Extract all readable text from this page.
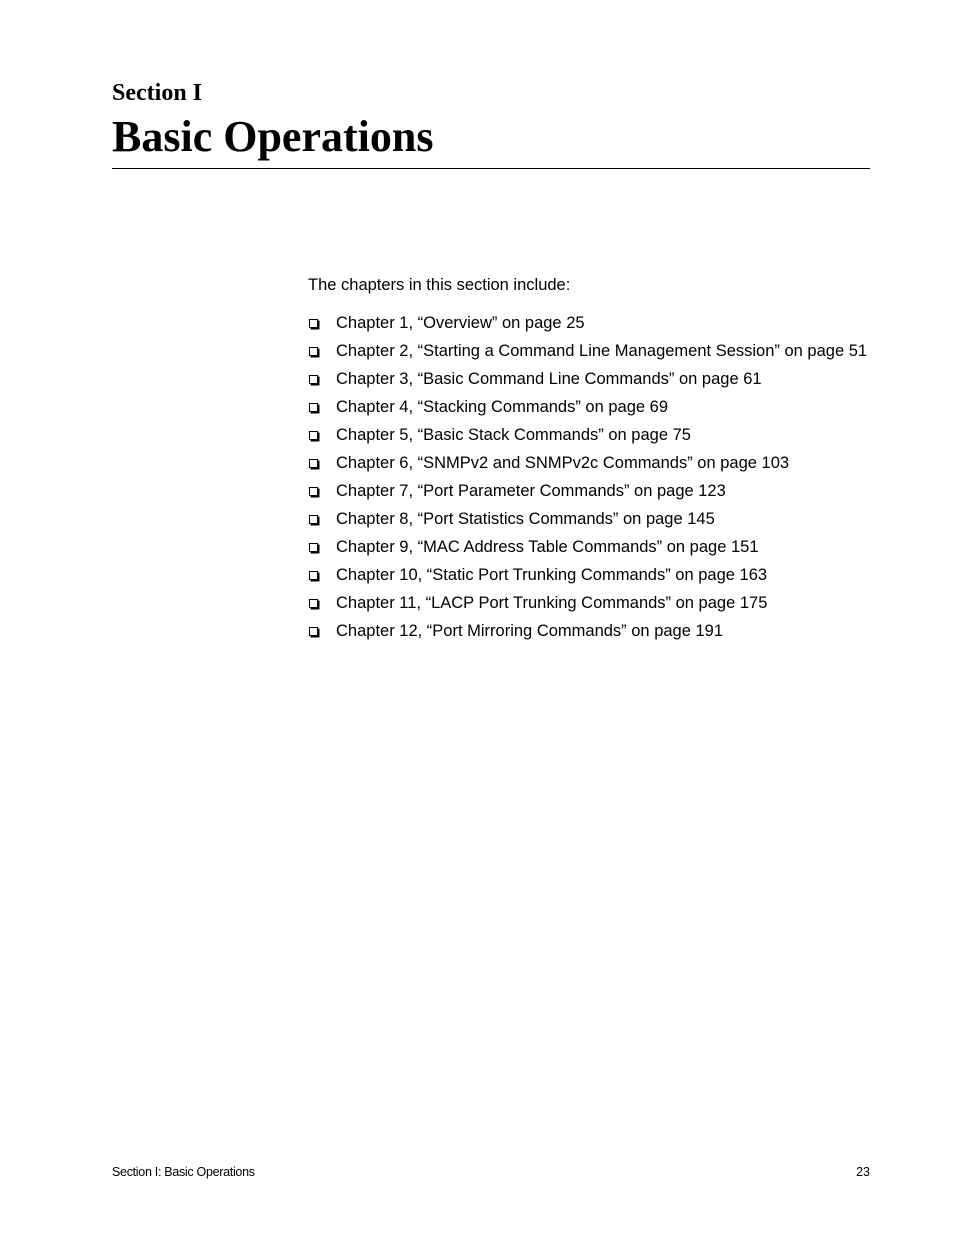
Section I
Basic Operations

The chapters in this section include:

Chapter 1, “Overview” on page 25
Chapter 2, “Starting a Command Line Management Session” on page 51
Chapter 3, “Basic Command Line Commands” on page 61
Chapter 4, “Stacking Commands” on page 69
Chapter 5, “Basic Stack Commands” on page 75
Chapter 6, “SNMPv2 and SNMPv2c Commands” on page 103
Chapter 7, “Port Parameter Commands” on page 123
Chapter 8, “Port Statistics Commands” on page 145
Chapter 9, “MAC Address Table Commands” on page 151
Chapter 10, “Static Port Trunking Commands” on page 163
Chapter 11, “LACP Port Trunking Commands” on page 175
Chapter 12, “Port Mirroring Commands” on page 191
Section I: Basic Operations	23
